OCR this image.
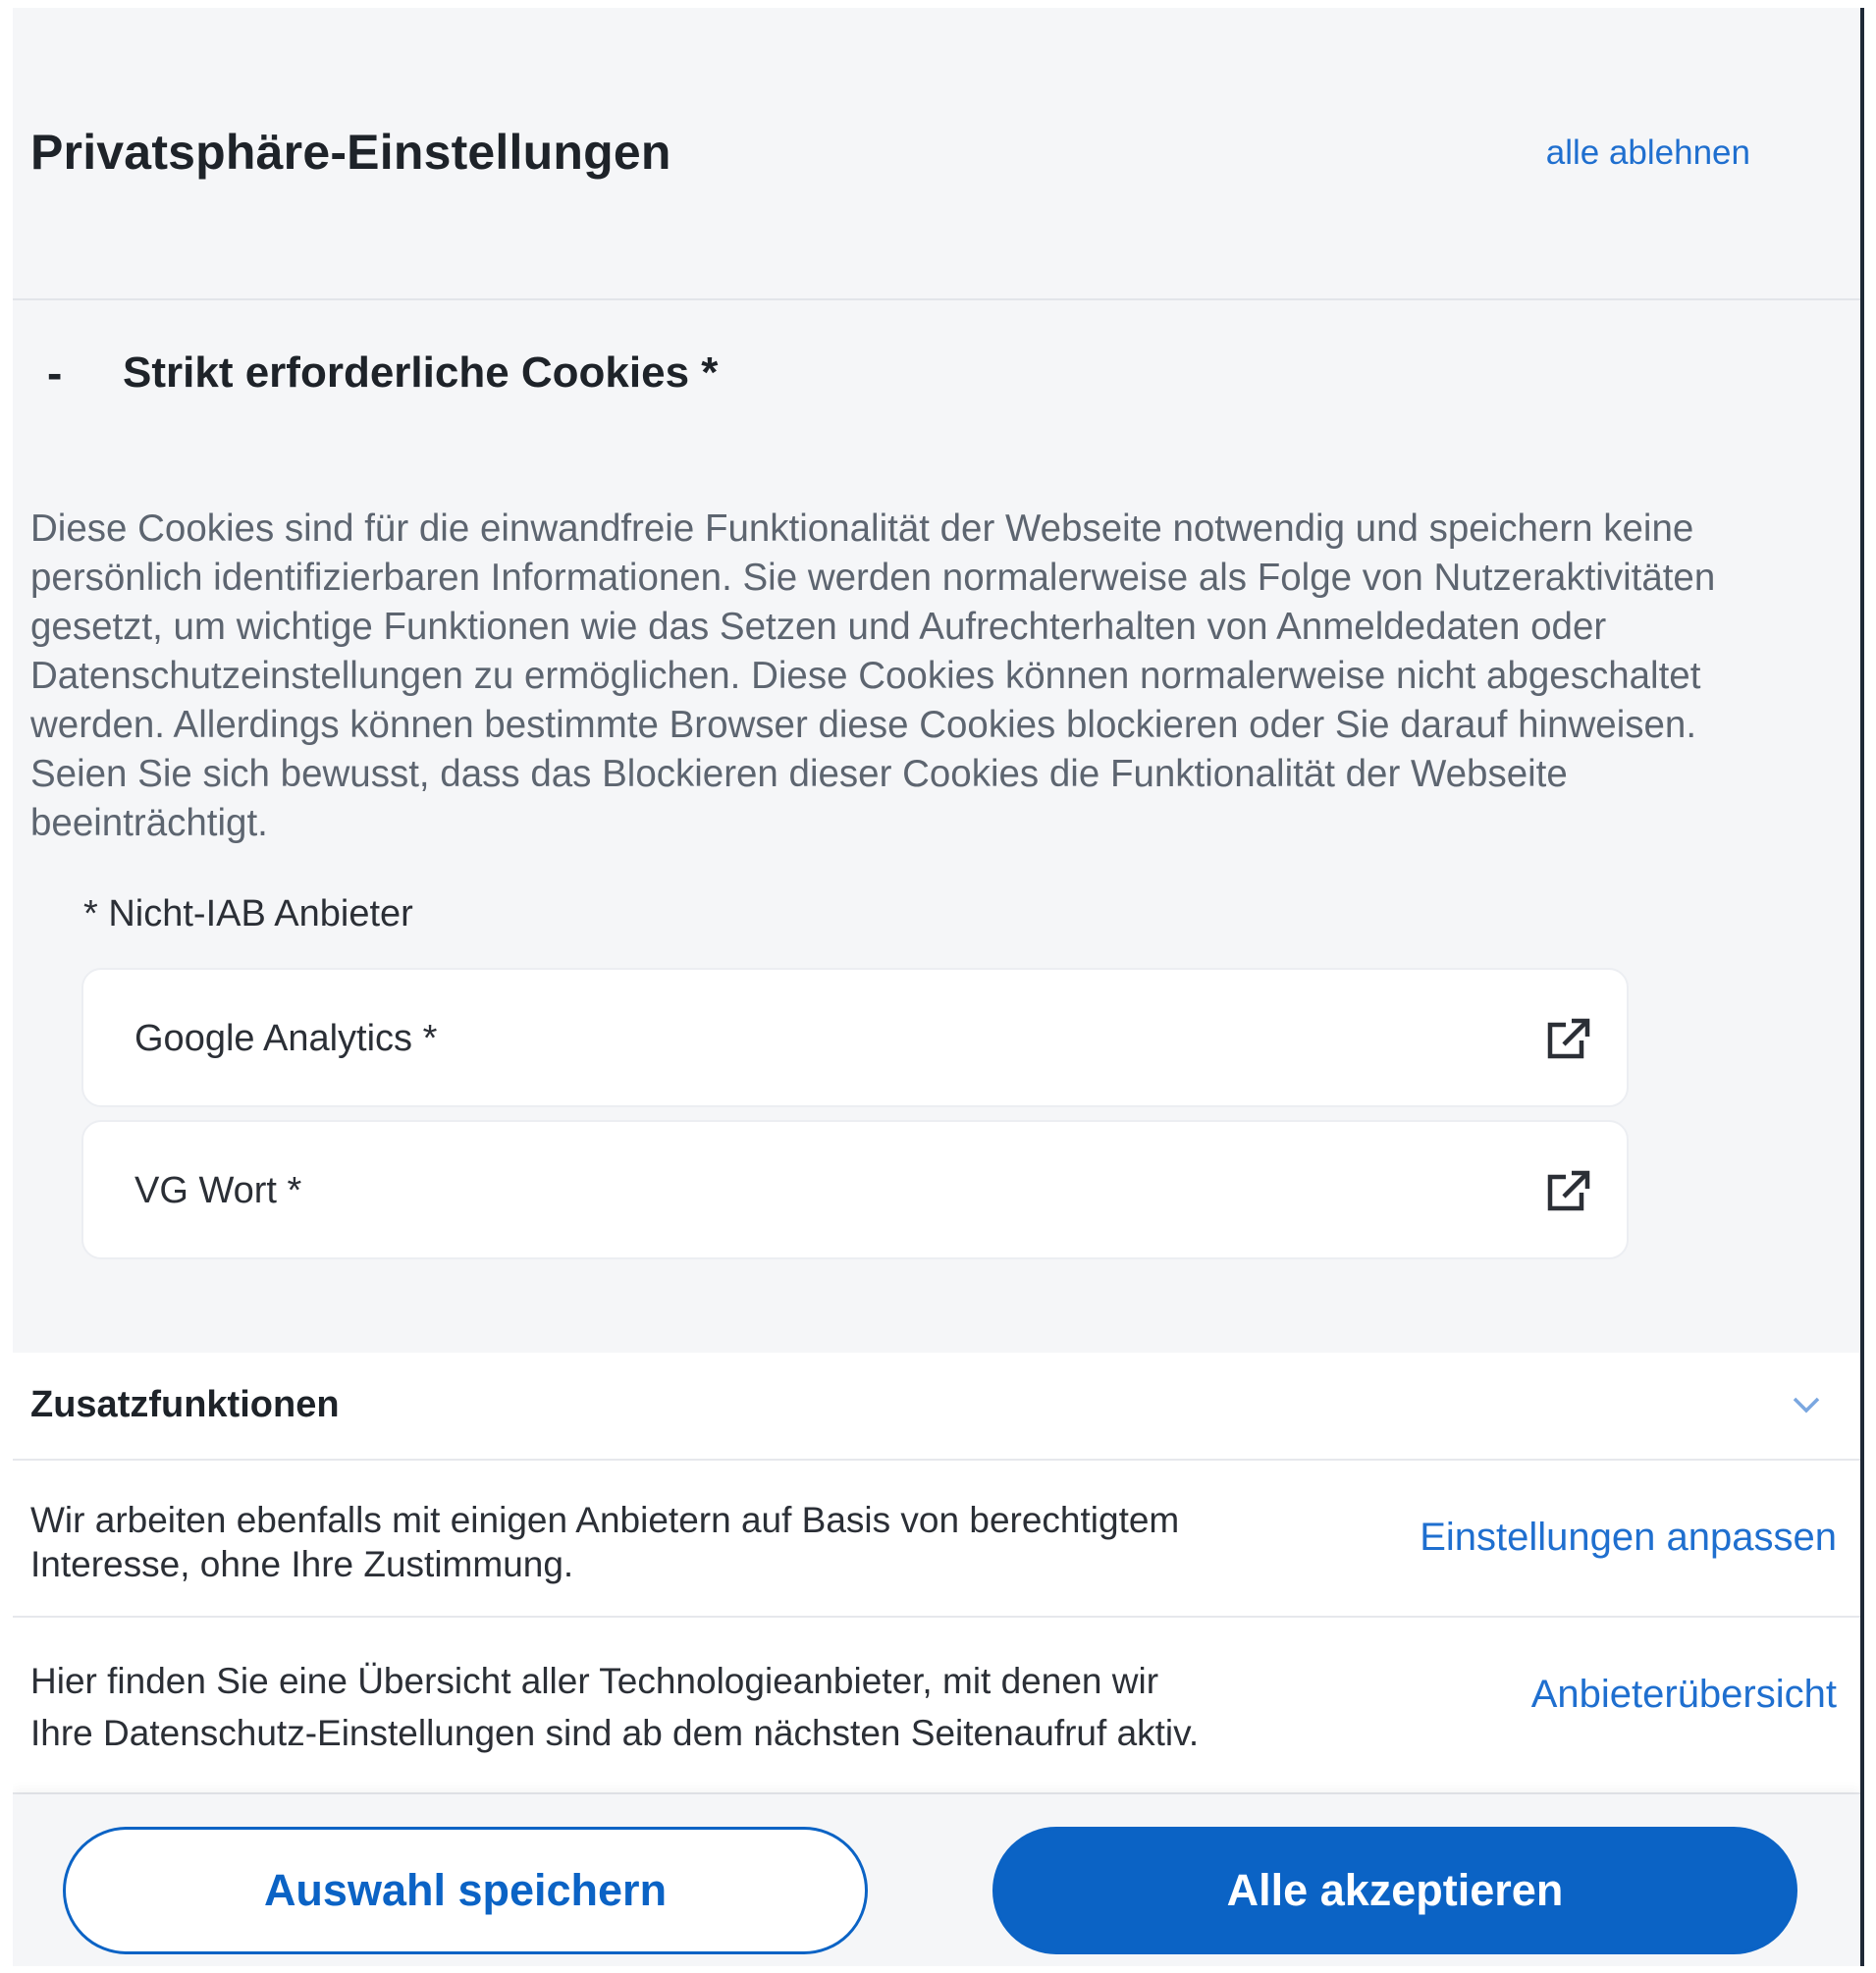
Privatsphäre-Einstellungen	alle ablehnen
- Strikt erforderliche Cookies *
Diese Cookies sind für die einwandfreie Funktionalität der Webseite notwendig und speichern keine persönlich identifizierbaren Informationen. Sie werden normalerweise als Folge von Nutzeraktivitäten gesetzt, um wichtige Funktionen wie das Setzen und Aufrechterhalten von Anmeldedaten oder Datenschutzeinstellungen zu ermöglichen. Diese Cookies können normalerweise nicht abgeschaltet werden. Allerdings können bestimmte Browser diese Cookies blockieren oder Sie darauf hinweisen. Seien Sie sich bewusst, dass das Blockieren dieser Cookies die Funktionalität der Webseite beeinträchtigt.
* Nicht-IAB Anbieter
Google Analytics *
VG Wort *
Zusatzfunktionen
Wir arbeiten ebenfalls mit einigen Anbietern auf Basis von berechtigtem Interesse, ohne Ihre Zustimmung.
Einstellungen anpassen
Hier finden Sie eine Übersicht aller Technologieanbieter, mit denen wir
Ihre Datenschutz-Einstellungen sind ab dem nächsten Seitenaufruf aktiv.
Anbieterübersicht
Auswahl speichern	Alle akzeptieren
